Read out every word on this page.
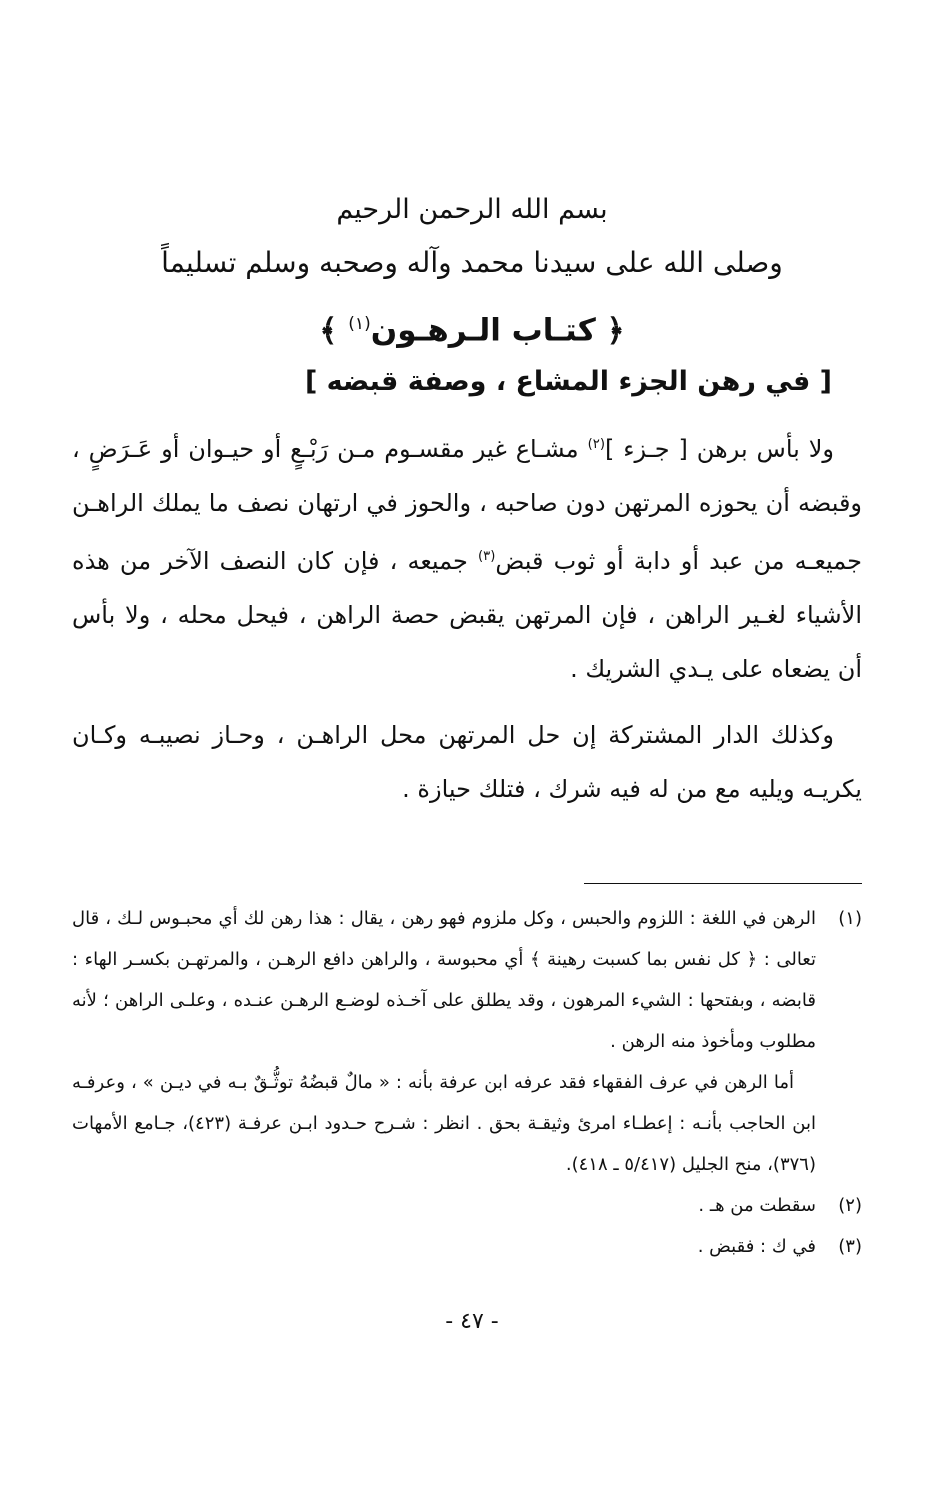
بسم الله الرحمن الرحيم
وصلى الله على سيدنا محمد وآله وصحبه وسلم تسليماً
﴿ كتـاب الـرهـون$^{(١)}$ ﴾
[ في رهن الجزء المشاع ، وصفة قبضه ]

ولا بأس برهن [ جـزء ]$^{(٢)}$ مشـاع غير مقسـوم مـن رَبْـعٍ أو حيـوان أو عَـرَضٍ ، وقبضه أن يحوزه المرتهن دون صاحبه ، والحوز في ارتهان نصف ما يملك الراهـن جميعـه من عبد أو دابة أو ثوب قبض$^{(٣)}$ جميعه ، فإن كان النصف الآخر من هذه الأشياء لغـير الراهن ، فإن المرتهن يقبض حصة الراهن ، فيحل محله ، ولا بأس أن يضعاه على يـدي الشريك .

وكذلك الدار المشتركة إن حل المرتهن محل الراهـن ، وحـاز نصيبـه وكـان يكريـه ويليه مع من له فيه شرك ، فتلك حيازة .

(١)
الرهن في اللغة : اللزوم والحبس ، وكل ملزوم فهو رهن ، يقال : هذا رهن لك أي محبـوس لـك ، قال تعالى : ﴿ كل نفس بما كسبت رهينة ﴾ أي محبوسة ، والراهن دافع الرهـن ، والمرتهـن بكسـر الهاء : قابضه ، وبفتحها : الشيء المرهون ، وقد يطلق على آخـذه لوضـع الرهـن عنـده ، وعلـى الراهن ؛ لأنه مطلوب ومأخوذ منه الرهن .
أما الرهن في عرف الفقهاء فقد عرفه ابن عرفة بأنه : « مالٌ قبضُهُ توثُّـقٌ بـه في ديـن » ، وعرفـه ابن الحاجب بأنـه : إعطـاء امرئ وثيقـة بحق . انظر : شـرح حـدود ابـن عرفـة (٤٢٣)، جـامع الأمهات (٣٧٦)، منح الجليل (٥/٤١٧ ـ ٤١٨).
(٢)
سقطت من هـ .
(٣)
في ك : فقبض .
- ٤٧ -
